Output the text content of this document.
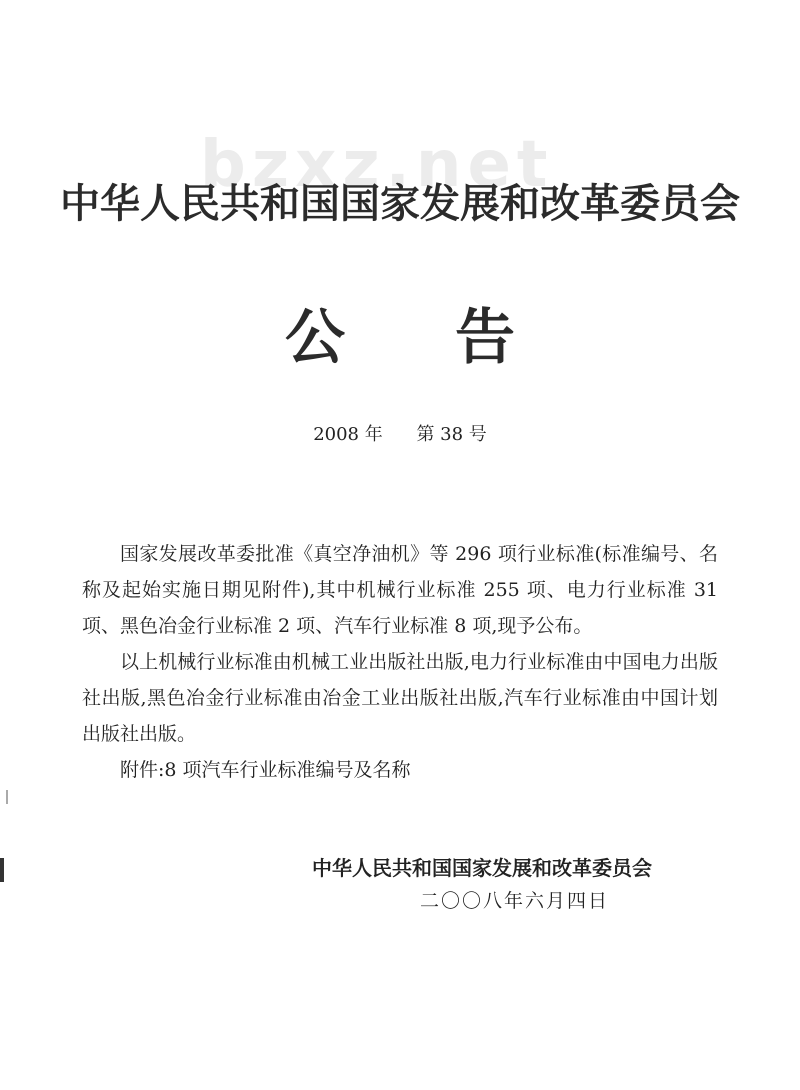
bzxz.net
中华人民共和国国家发展和改革委员会
公告
2008 年 第 38 号

国家发展改革委批准《真空净油机》等 296 项行业标准(标准编号、名称及起始实施日期见附件),其中机械行业标准 255 项、电力行业标准 31 项、黑色冶金行业标准 2 项、汽车行业标准 8 项,现予公布。

以上机械行业标准由机械工业出版社出版,电力行业标准由中国电力出版社出版,黑色冶金行业标准由冶金工业出版社出版,汽车行业标准由中国计划出版社出版。

附件:8 项汽车行业标准编号及名称

中华人民共和国国家发展和改革委员会
二〇〇八年六月四日
